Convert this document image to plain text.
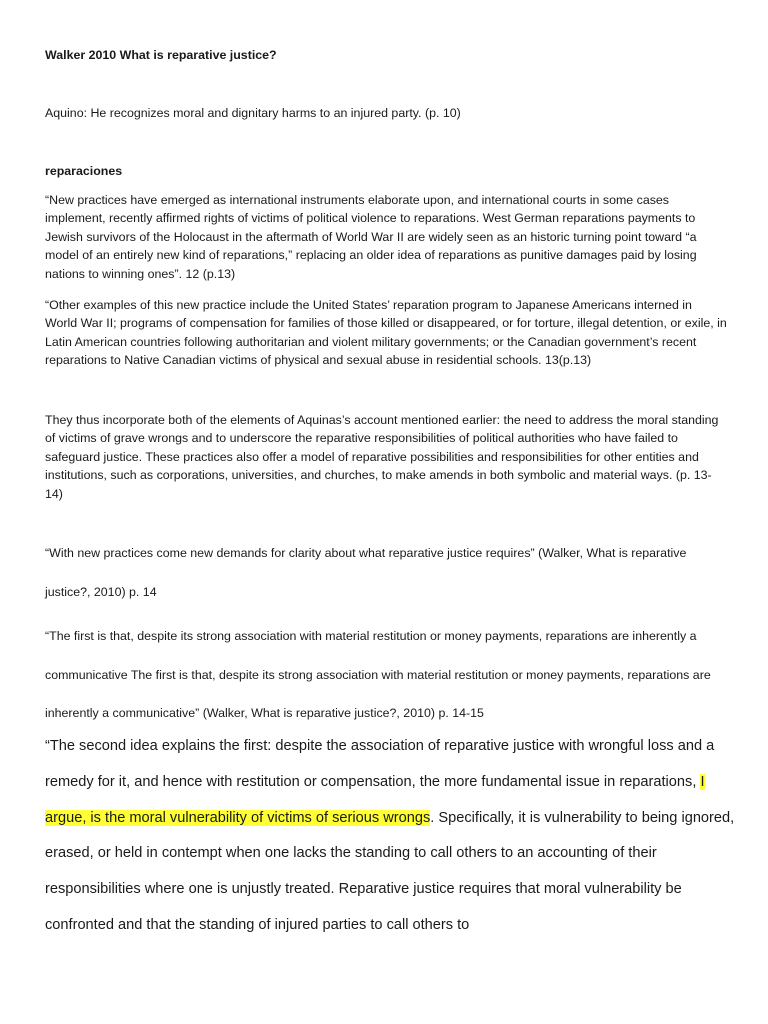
Walker 2010 What is reparative justice?

Aquino: He recognizes moral and dignitary harms to an injured party. (p. 10)

reparaciones

“New practices have emerged as international instruments elaborate upon, and international courts in some cases implement, recently affirmed rights of victims of political violence to reparations. West German reparations payments to Jewish survivors of the Holocaust in the aftermath of World War II are widely seen as an historic turning point toward “a model of an entirely new kind of reparations,” replacing an older idea of reparations as punitive damages paid by losing nations to winning ones”. 12 (p.13)

“Other examples of this new practice include the United States’ reparation program to Japanese Americans interned in World War II; programs of compensation for families of those killed or disappeared, or for torture, illegal detention, or exile, in Latin American countries following authoritarian and violent military governments; or the Canadian government’s recent reparations to Native Canadian victims of physical and sexual abuse in residential schools. 13(p.13)

They thus incorporate both of the elements of Aquinas’s account mentioned earlier: the need to address the moral standing of victims of grave wrongs and to underscore the reparative responsibilities of political authorities who have failed to safeguard justice. These practices also offer a model of reparative possibilities and responsibilities for other entities and institutions, such as corporations, universities, and churches, to make amends in both symbolic and material ways. (p. 13-14)

“With new practices come new demands for clarity about what reparative justice requires” (Walker, What is reparative justice?, 2010) p. 14

“The first is that, despite its strong association with material restitution or money payments, reparations are inherently a communicative The first is that, despite its strong association with material restitution or money payments, reparations are inherently a communicative” (Walker, What is reparative justice?, 2010) p. 14-15

“The second idea explains the first: despite the association of reparative justice with wrongful loss and a remedy for it, and hence with restitution or compensation, the more fundamental issue in reparations, I argue, is the moral vulnerability of victims of serious wrongs. Specifically, it is vulnerability to being ignored, erased, or held in contempt when one lacks the standing to call others to an accounting of their responsibilities where one is unjustly treated. Reparative justice requires that moral vulnerability be confronted and that the standing of injured parties to call others to
